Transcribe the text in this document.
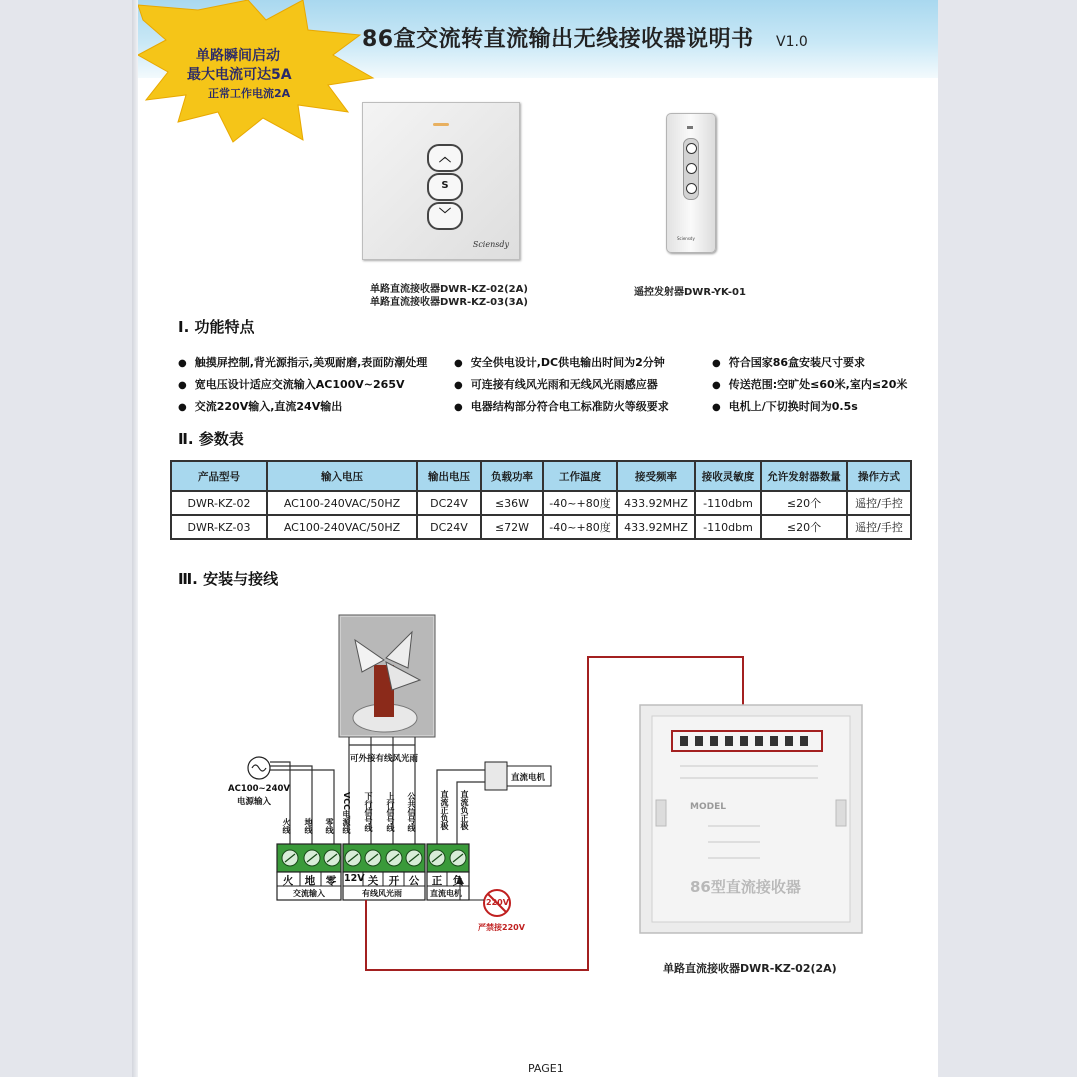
单路瞬间启动
最大电流可达5A
正常工作电流2A
86盒交流转直流输出无线接收器说明书 V1.0
︿
S
﹀
Sciensdy
Sciensdy
单路直流接收器DWR-KZ-02(2A)
单路直流接收器DWR-KZ-03(3A)
遥控发射器DWR-YK-01
Ⅰ. 功能特点
● 触摸屏控制,背光源指示,美观耐磨,表面防潮处理
● 宽电压设计适应交流输入AC100V~265V
● 交流220V输入,直流24V输出
● 安全供电设计,DC供电输出时间为2分钟
● 可连接有线风光雨和无线风光雨感应器
● 电器结构部分符合电工标准防火等级要求
● 符合国家86盒安装尺寸要求
● 传送范围:空旷处≤60米,室内≤20米
● 电机上/下切换时间为0.5s
Ⅱ. 参数表
产品型号	输入电压	输出电压	负载功率	工作温度	接受频率	接收灵敏度	允许发射器数量	操作方式
DWR-KZ-02	AC100-240VAC/50HZ	DC24V	≤36W	-40~+80度	433.92MHZ	-110dbm	≤20个	遥控/手控
DWR-KZ-03	AC100-240VAC/50HZ	DC24V	≤72W	-40~+80度	433.92MHZ	-110dbm	≤20个	遥控/手控
Ⅲ. 安装与接线
AC100~240V
电源输入
可外接有线风光雨
直流电机
火线 地线 零线 VCC电源线 下行信号线 上行信号线 公共信号线	直流正负极 直流负正极
火	地	零 12V 关	开 公	正	负
交流输入	有线风光雨	直流电机
220V
严禁接220V
MODEL
86型直流接收器
单路直流接收器DWR-KZ-02(2A)
PAGE1
